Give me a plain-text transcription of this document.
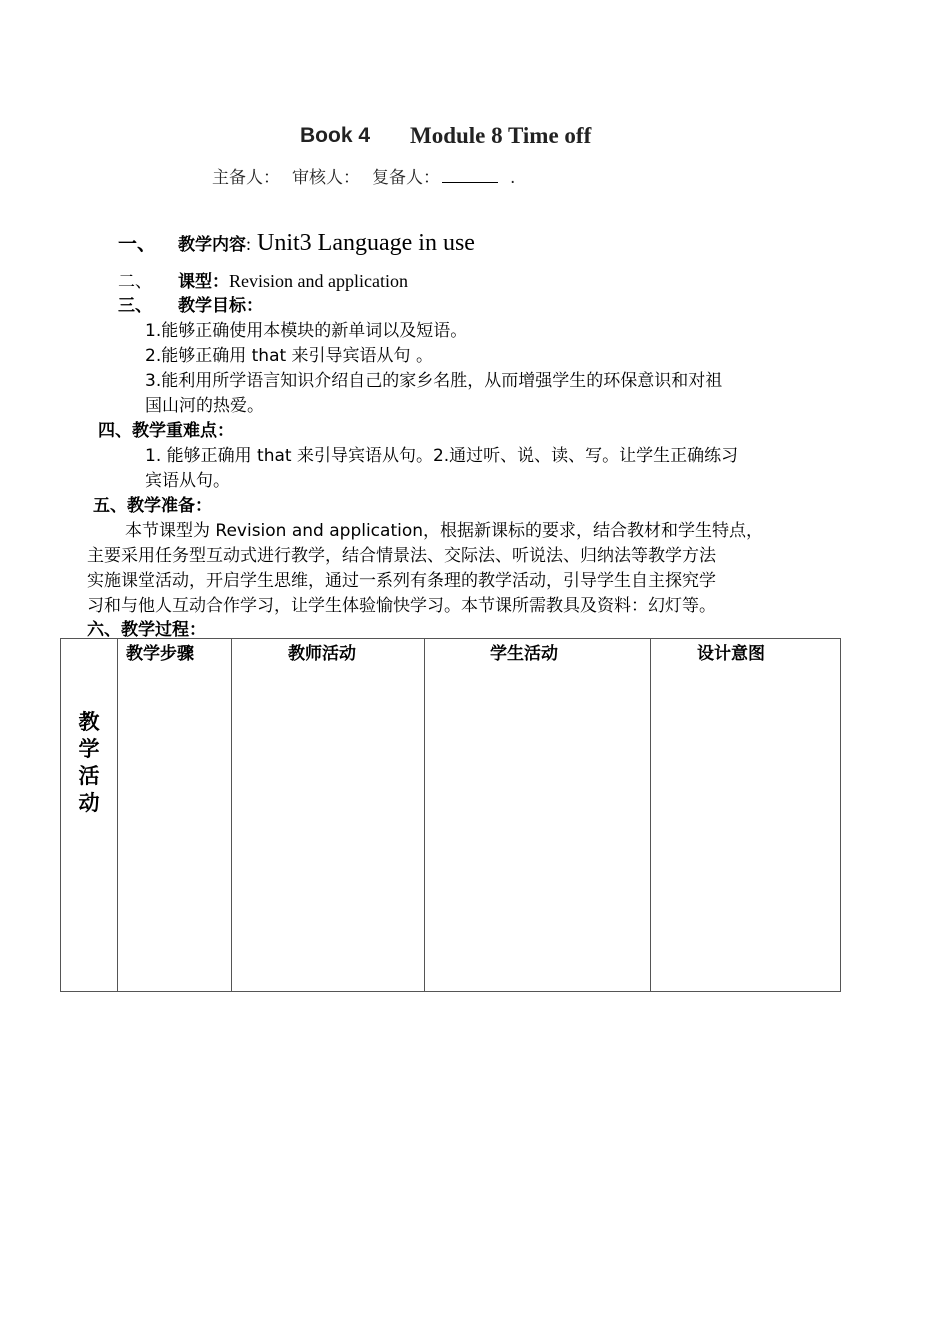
Book 4 Module 8 Time off
主备人： 审核人： 复备人：	.
一、 教学内容: Unit3 Language in use
二、 课型：Revision and application
三、 教学目标：
1.能够正确使用本模块的新单词以及短语。
2.能够正确用 that 来引导宾语从句 。
3.能利用所学语言知识介绍自己的家乡名胜，从而增强学生的环保意识和对祖
国山河的热爱。
四、教学重难点：
1. 能够正确用 that 来引导宾语从句。2.通过听、说、读、写。让学生正确练习
宾语从句。
五、教学准备：
本节课型为 Revision and application，根据新课标的要求，结合教材和学生特点，
主要采用任务型互动式进行教学，结合情景法、交际法、听说法、归纳法等教学方法
实施课堂活动，开启学生思维，通过一系列有条理的教学活动，引导学生自主探究学
习和与他人互动合作学习，让学生体验愉快学习。本节课所需教具及资料：幻灯等。
六、教学过程：
教
学
活
动	教学步骤	教师活动	学生活动	设计意图
